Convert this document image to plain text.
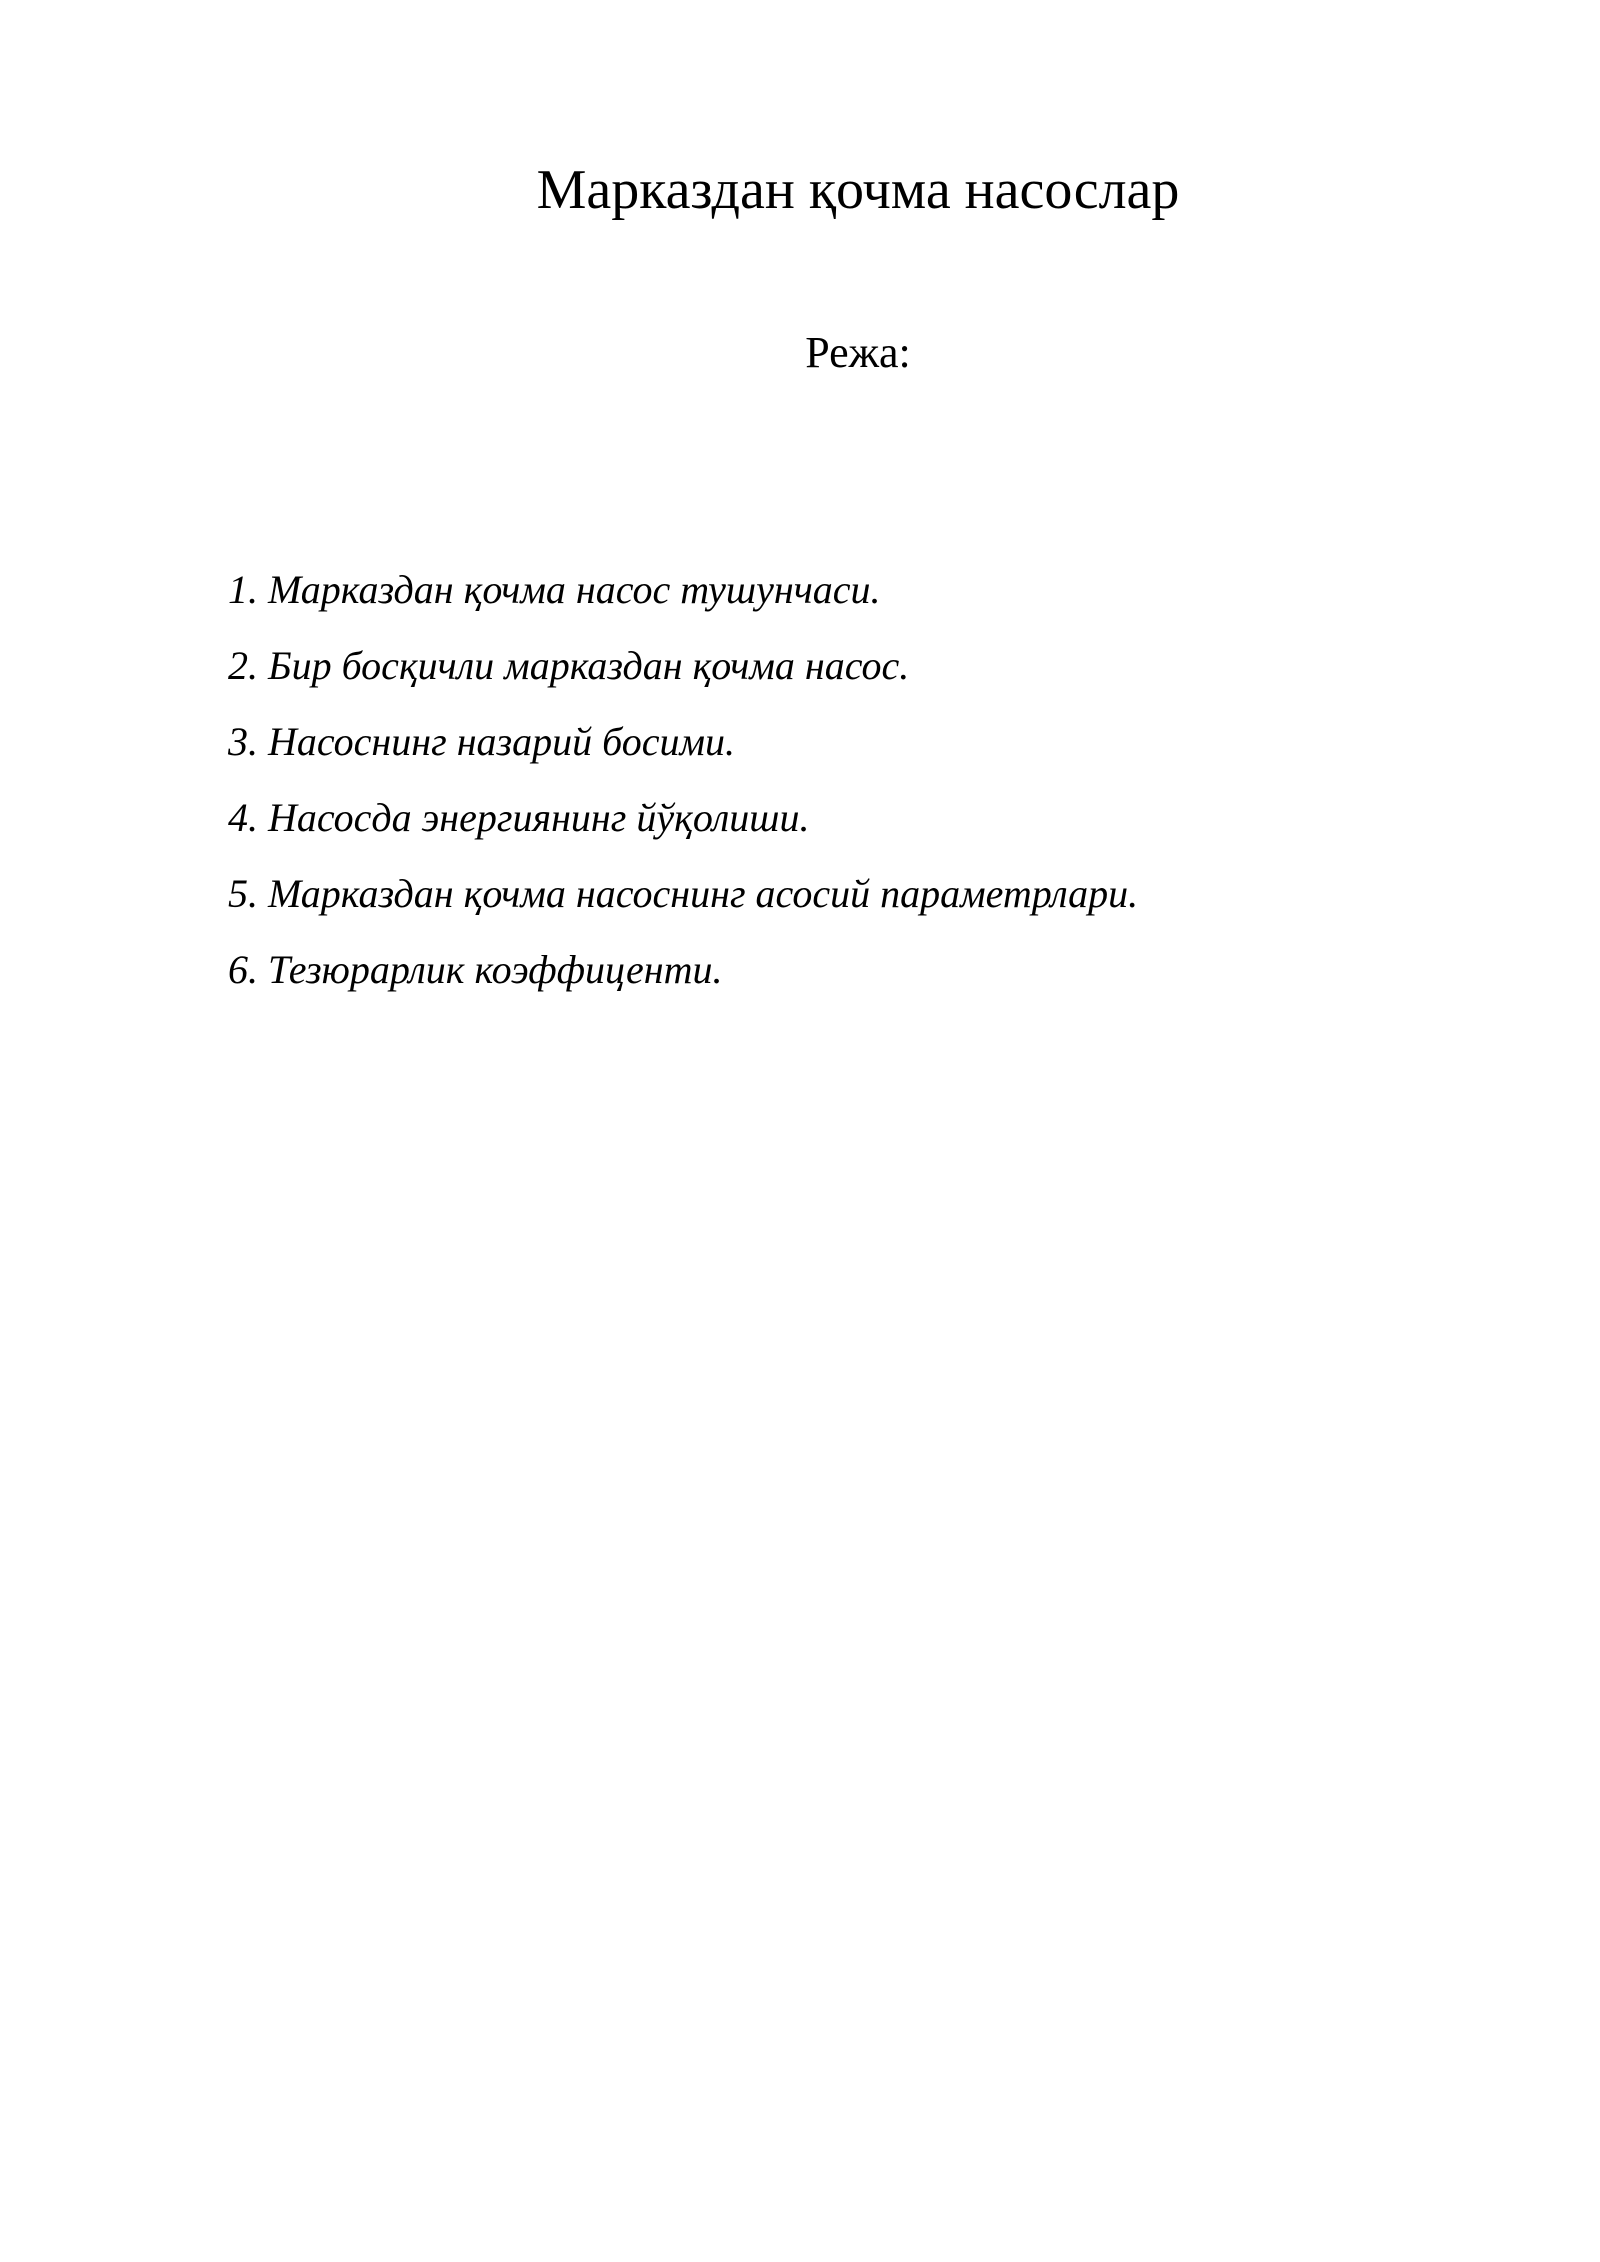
Марказдан қочма насослар
Режа:
1. Марказдан қочма насос тушунчаси.
2. Бир босқичли марказдан қочма насос.
3. Насоснинг назарий босими.
4. Насосда энергиянинг йўқолиши.
5. Марказдан қочма насоснинг асосий параметрлари.
6. Тезюрарлик коэффиценти.
